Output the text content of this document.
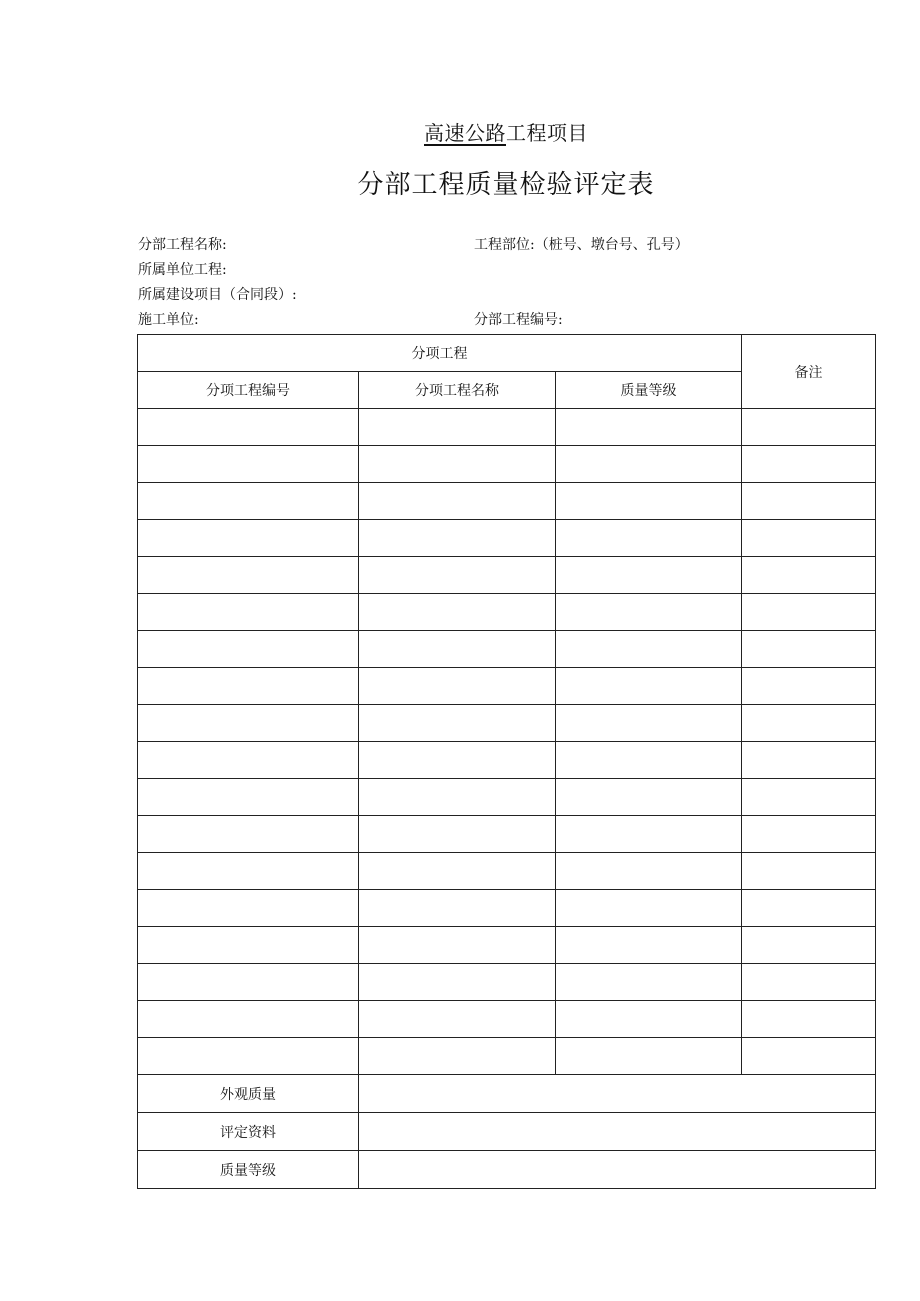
高速公路工程项目
分部工程质量检验评定表
分部工程名称:
所属单位工程:
所属建设项目（合同段）:
施工单位:
工程部位:（桩号、墩台号、孔号）
分部工程编号:
分项工程			备注
分项工程编号	分项工程名称	质量等级	

外观质量			
评定资料			
质量等级			
